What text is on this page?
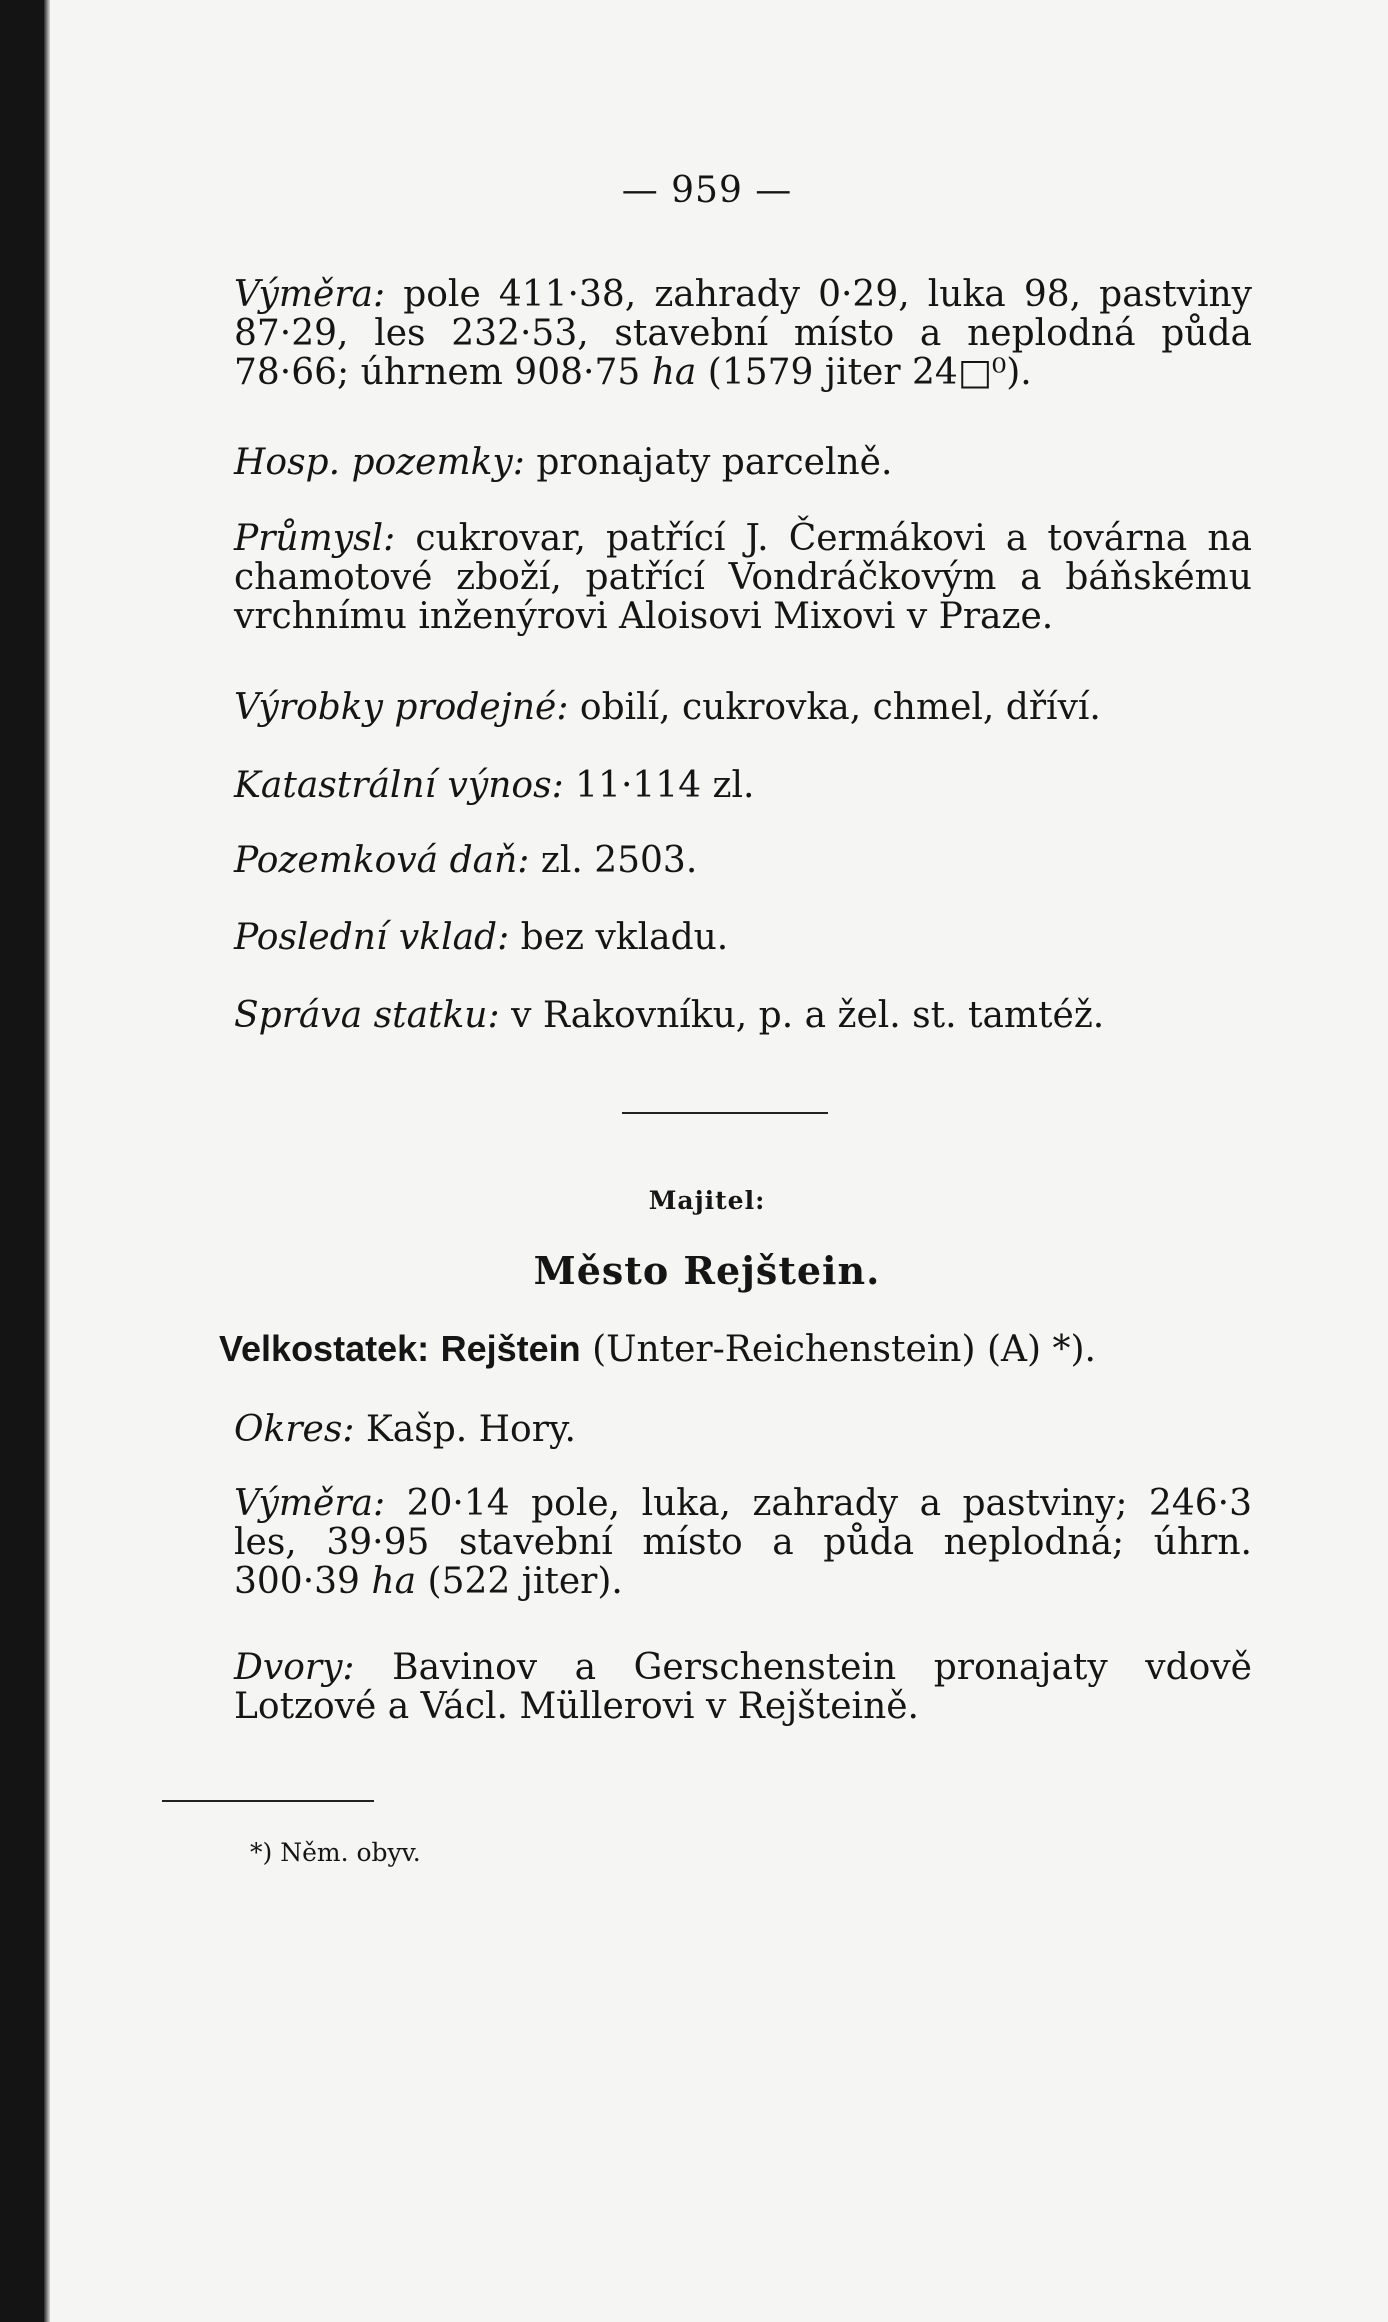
— 959 —

Výměra: pole 411·38, zahrady 0·29, luka 98, pastviny 87·29, les 232·53, stavební místo a neplodná půda 78·66; úhrnem 908·75 ha (1579 jiter 24□⁰).

Hosp. pozemky: pronajaty parcelně.

Průmysl: cukrovar, patřící J. Čermákovi a továrna na chamotové zboží, patřící Vondráčkovým a báňskému vrchnímu inženýrovi Aloisovi Mixovi v Praze.

Výrobky prodejné: obilí, cukrovka, chmel, dříví.

Katastrální výnos: 11·114 zl.

Pozemková daň: zl. 2503.

Poslední vklad: bez vkladu.

Správa statku: v Rakovníku, p. a žel. st. tamtéž.

Majitel:
Město Rejštein.
Velkostatek: Rejštein (Unter-Reichenstein) (A) *).

Okres: Kašp. Hory.

Výměra: 20·14 pole, luka, zahrady a pastviny; 246·3 les, 39·95 stavební místo a půda neplodná; úhrn. 300·39 ha (522 jiter).

Dvory: Bavinov a Gerschenstein pronajaty vdově Lotzové a Václ. Müllerovi v Rejšteině.

*) Něm. obyv.
